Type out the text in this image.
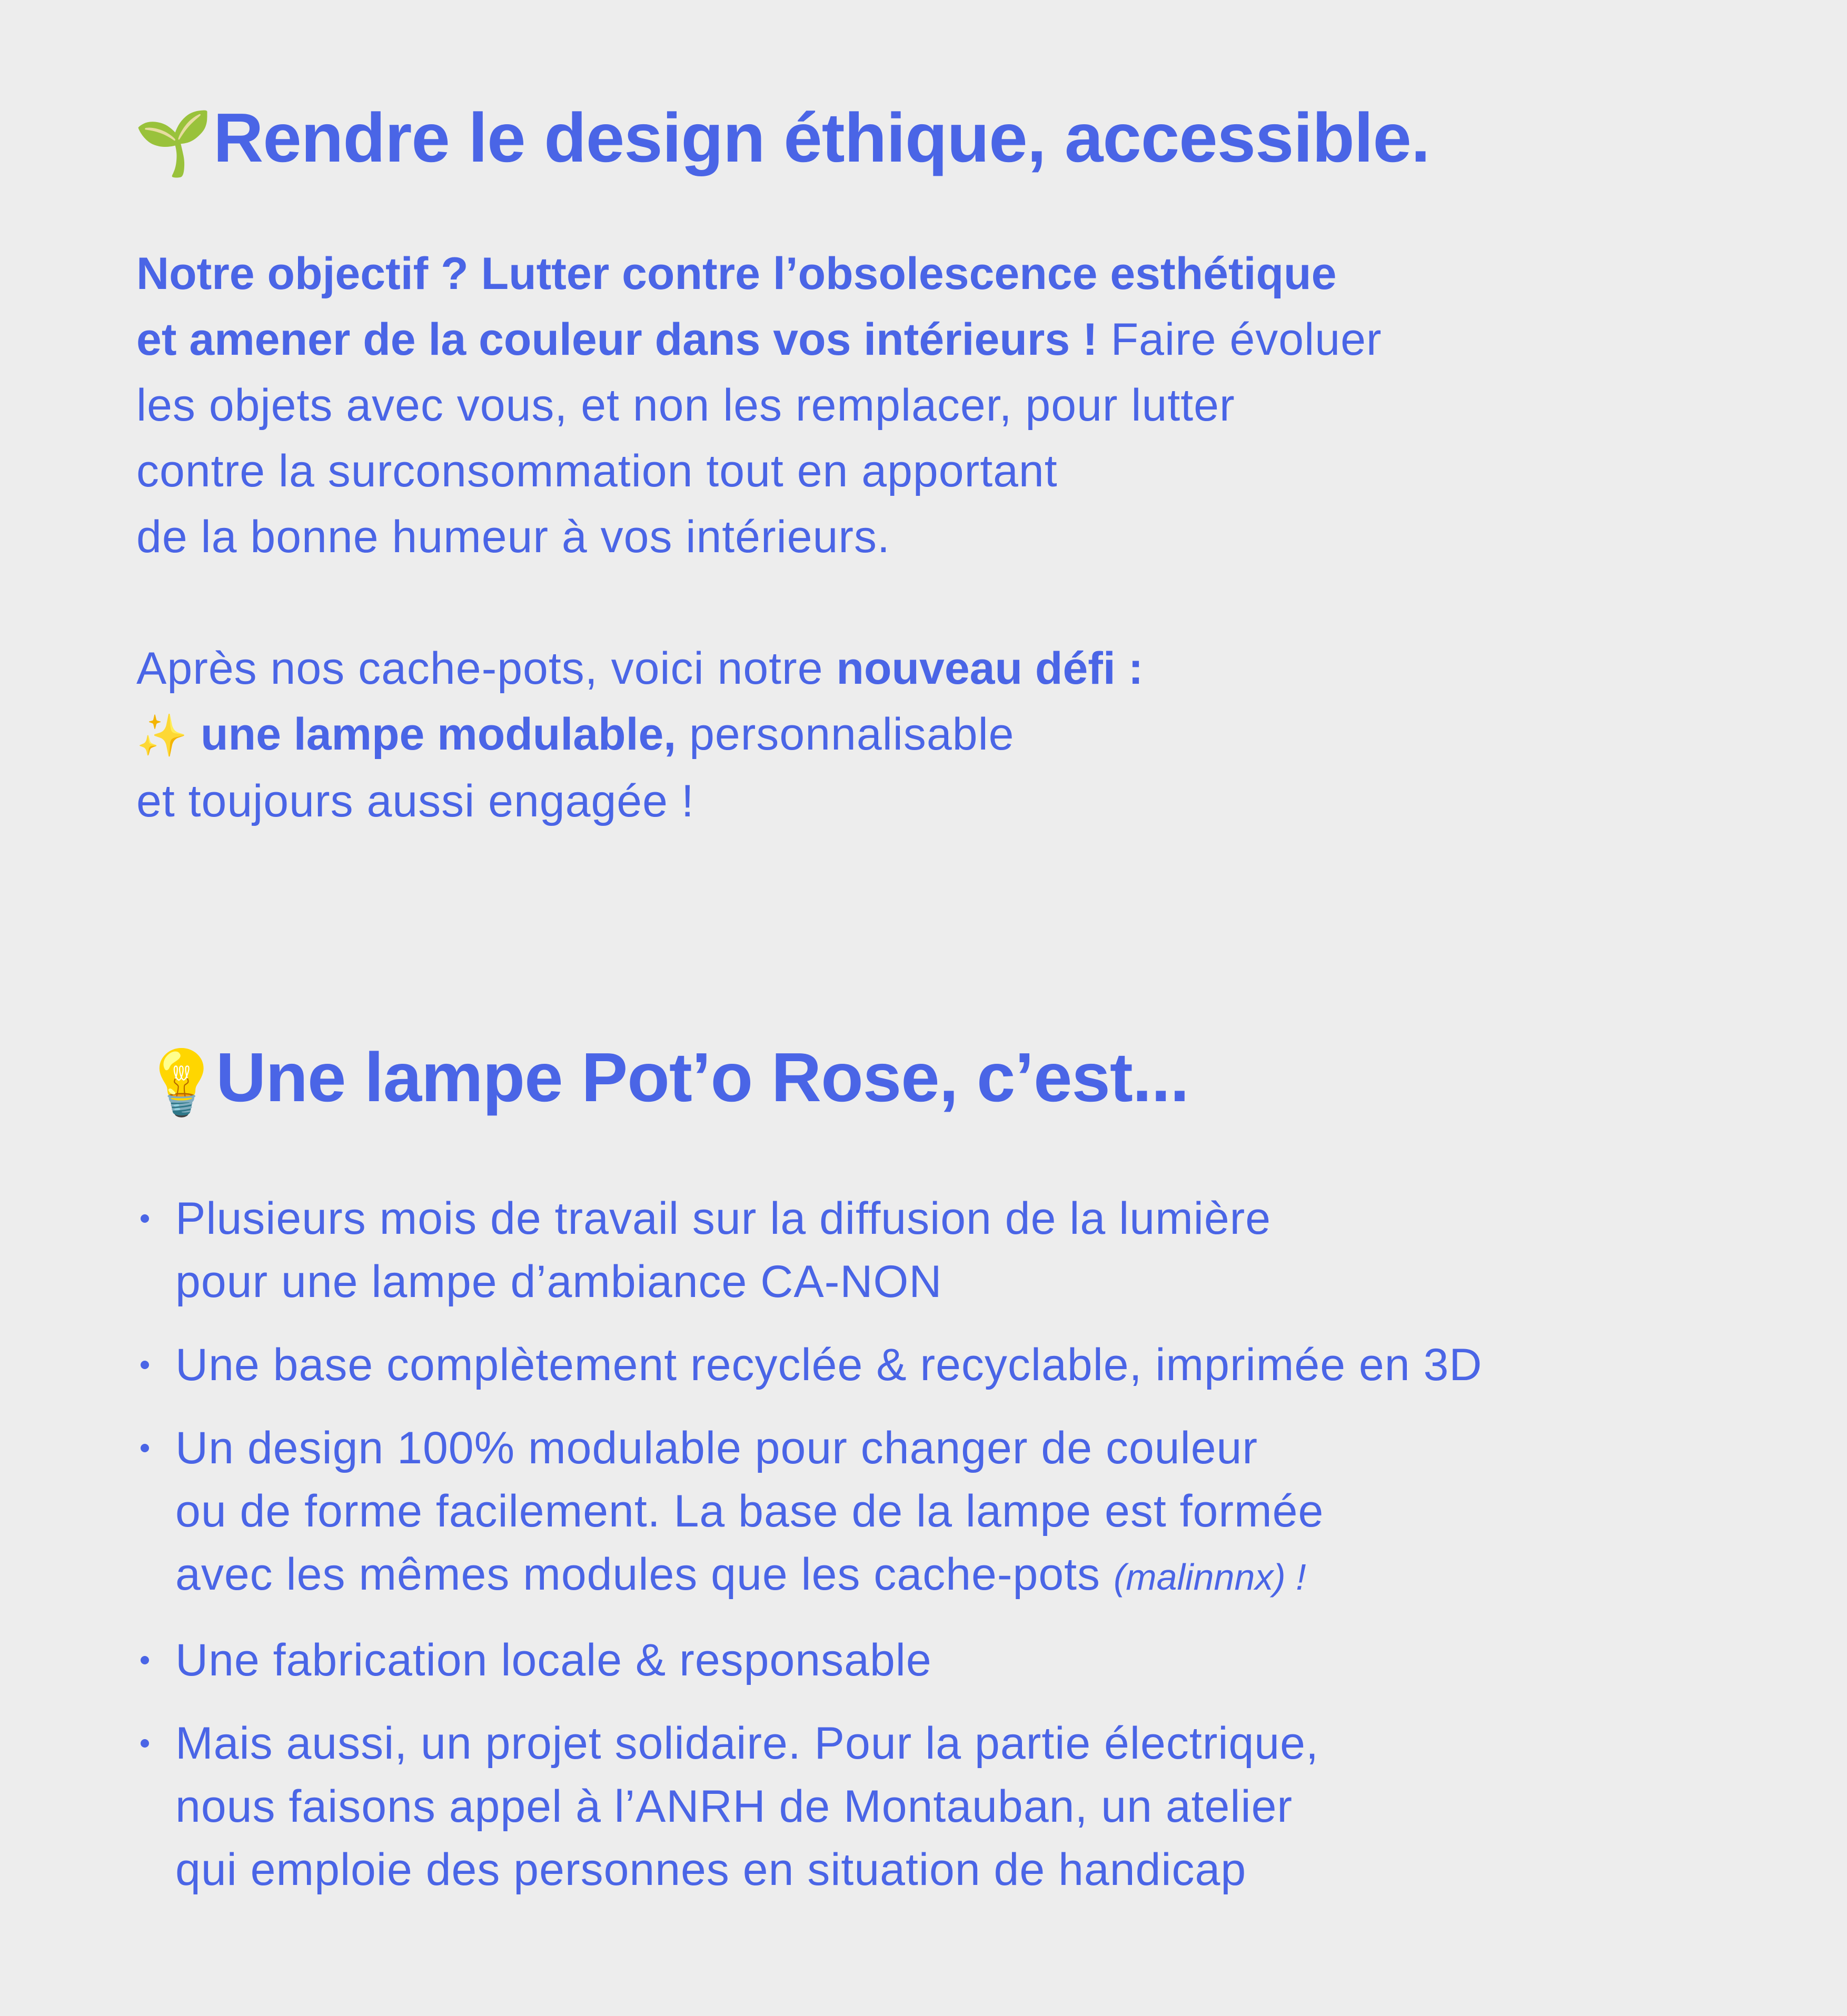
🌱Rendre le design éthique, accessible.
Notre objectif ? Lutter contre l’obsolescence esthétique
et amener de la couleur dans vos intérieurs ! Faire évoluer
les objets avec vous, et non les remplacer, pour lutter
contre la surconsommation tout en apportant
de la bonne humeur à vos intérieurs.
Après nos cache-pots, voici notre nouveau défi :
✨ une lampe modulable, personnalisable
et toujours aussi engagée !
💡Une lampe Pot’o Rose, c’est...
Plusieurs mois de travail sur la diffusion de la lumière
pour une lampe d’ambiance CA-NON
Une base complètement recyclée & recyclable, imprimée en 3D
Un design 100% modulable pour changer de couleur
ou de forme facilement. La base de la lampe est formée
avec les mêmes modules que les cache-pots (malinnnx) !
Une fabrication locale & responsable
Mais aussi, un projet solidaire. Pour la partie électrique,
nous faisons appel à l’ANRH de Montauban, un atelier
qui emploie des personnes en situation de handicap
